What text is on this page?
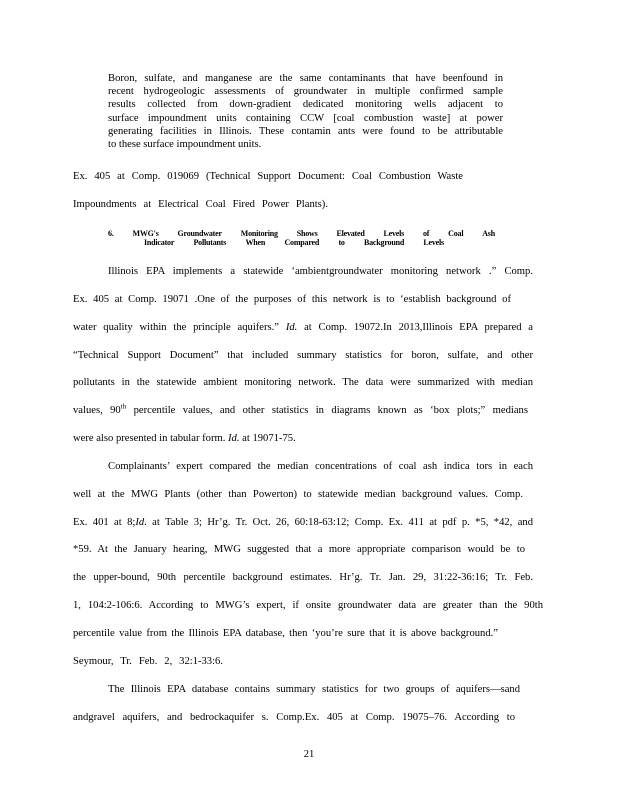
Boron, sulfate, and manganese are the same contaminants that have beenfound in

recent hydrogeologic assessments of groundwater in multiple confirmed sample

results collected from down-gradient dedicated monitoring wells adjacent to

surface impoundment units containing CCW [coal combustion waste] at power

generating facilities in Illinois. These contamin ants were found to be attributable

to these surface impoundment units.

Ex. 405 at Comp. 019069 (Technical Support Document: Coal Combustion Waste

Impoundments at Electrical Coal Fired Power Plants).

6. MWG's Groundwater Monitoring Shows Elevated Levels of Coal Ash
Indicator Pollutants When Compared to Background Levels

Illinois EPA implements a statewide ‘ambientgroundwater monitoring network .” Comp.

Ex. 405 at Comp. 19071 .One of the purposes of this network is to ‘establish background of

water quality within the principle aquifers.” Id. at Comp. 19072.In 2013,Illinois EPA prepared a

“Technical Support Document” that included summary statistics for boron, sulfate, and other

pollutants in the statewide ambient monitoring network. The data were summarized with median

values, 90th percentile values, and other statistics in diagrams known as ‘box plots;” medians

were also presented in tabular form. Id. at 19071-75.

Complainants’ expert compared the median concentrations of coal ash indica tors in each

well at the MWG Plants (other than Powerton) to statewide median background values. Comp.

Ex. 401 at 8;Id. at Table 3; Hr’g. Tr. Oct. 26, 60:18-63:12; Comp. Ex. 411 at pdf p. *5, *42, and

*59. At the January hearing, MWG suggested that a more appropriate comparison would be to

the upper-bound, 90th percentile background estimates. Hr’g. Tr. Jan. 29, 31:22-36:16; Tr. Feb.

1, 104:2-106:6. According to MWG’s expert, if onsite groundwater data are greater than the 90th

percentile value from the Illinois EPA database, then ‘you’re sure that it is above background.”

Seymour, Tr. Feb. 2, 32:1-33:6.

The Illinois EPA database contains summary statistics for two groups of aquifers—sand

andgravel aquifers, and bedrockaquifer s. Comp.Ex. 405 at Comp. 19075–76. According to

21
